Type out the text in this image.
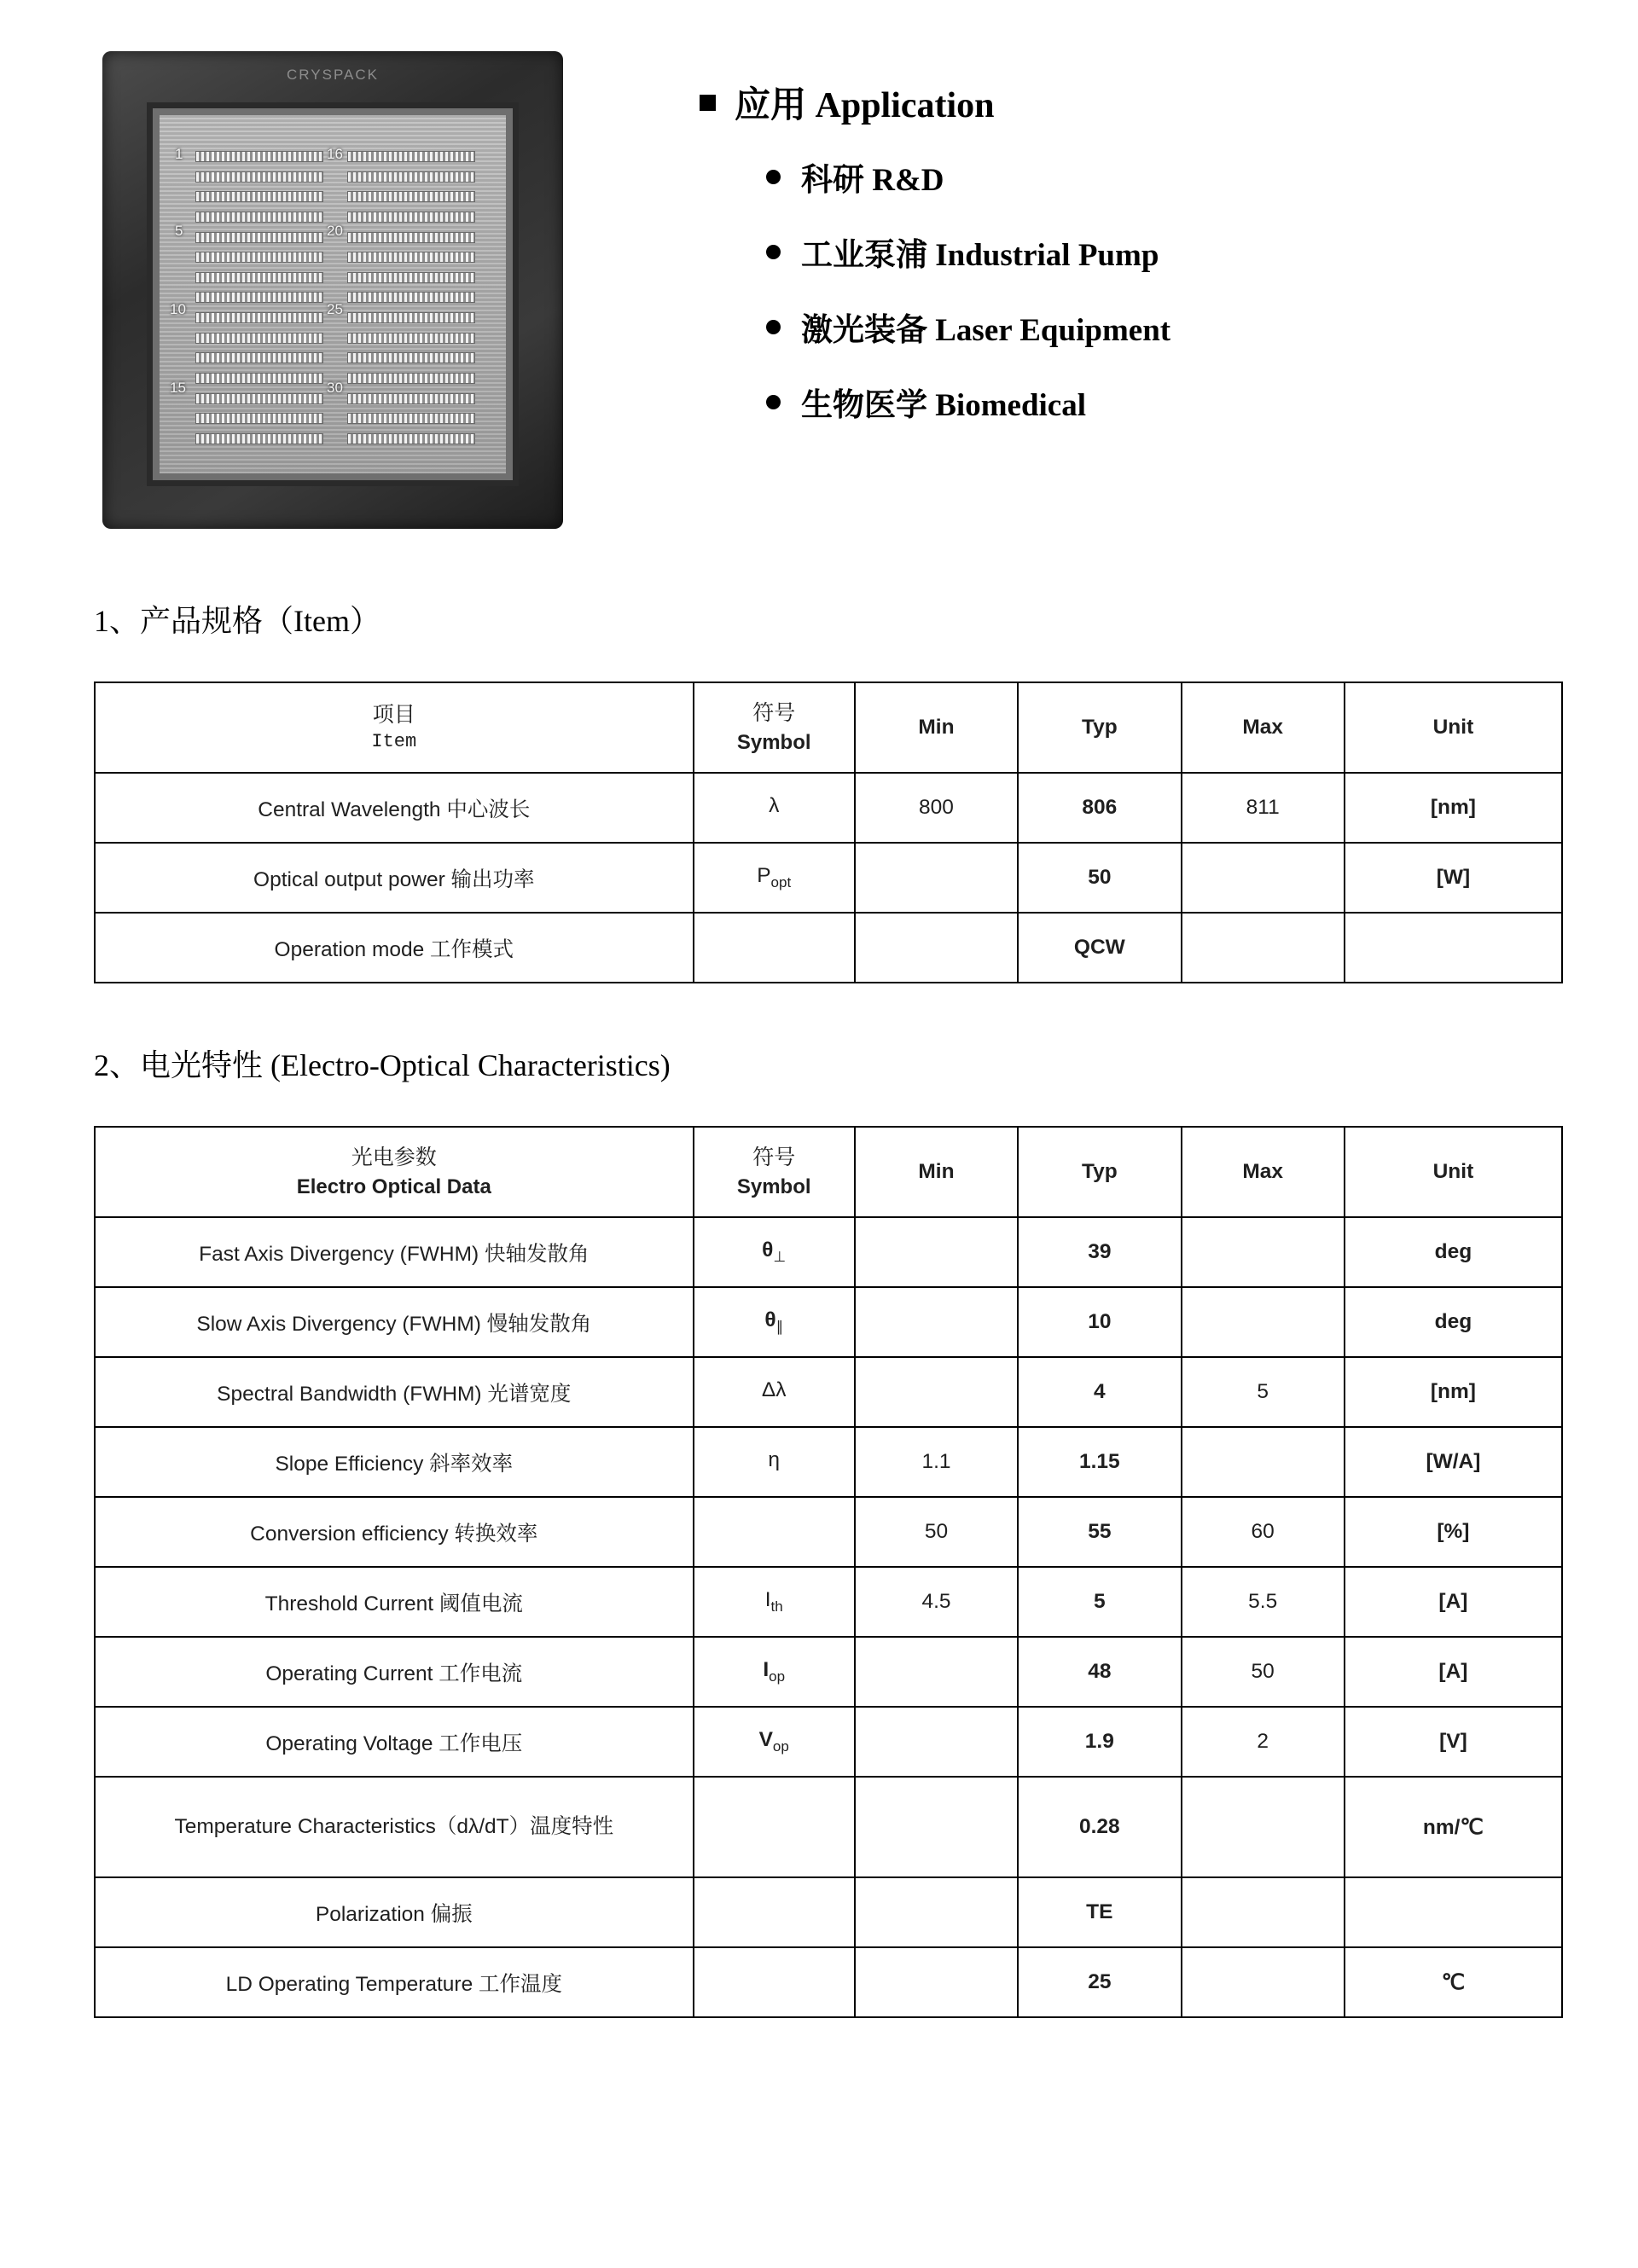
CRYSPACK
1
5
10
15
16
20
25
30
应用 Application
科研 R&D
工业泵浦 Industrial Pump
激光装备 Laser Equipment
生物医学 Biomedical
1、产品规格（Item）
项目
Item

符号
Symbol
	Min	Typ	Max	Unit
Central Wavelength 中心波长	λ	800	806	811	[nm]
Optical output power 输出功率	$P_{opt}$		50		[W]
Operation mode 工作模式			QCW		
2、电光特性 (Electro-Optical Characteristics)
光电参数
Electro Optical Data

符号
Symbol
	Min	Typ	Max	Unit
Fast Axis Divergency (FWHM) 快轴发散角	$\theta_\perp$		39		deg
Slow Axis Divergency (FWHM) 慢轴发散角	$\theta_\parallel$		10		deg
Spectral Bandwidth (FWHM) 光谱宽度	Δλ		4	5	[nm]
Slope Efficiency 斜率效率	η	1.1	1.15		[W/A]
Conversion efficiency 转换效率		50	55	60	[%]
Threshold Current 阈值电流	$I_{th}$	4.5	5	5.5	[A]
Operating Current 工作电流	$I_{op}$		48	50	[A]
Operating Voltage 工作电压	$V_{op}$		1.9	2	[V]
Temperature Characteristics（dλ/dT）温度特性			0.28		nm/℃
Polarization 偏振			TE		
LD Operating Temperature 工作温度			25		℃
